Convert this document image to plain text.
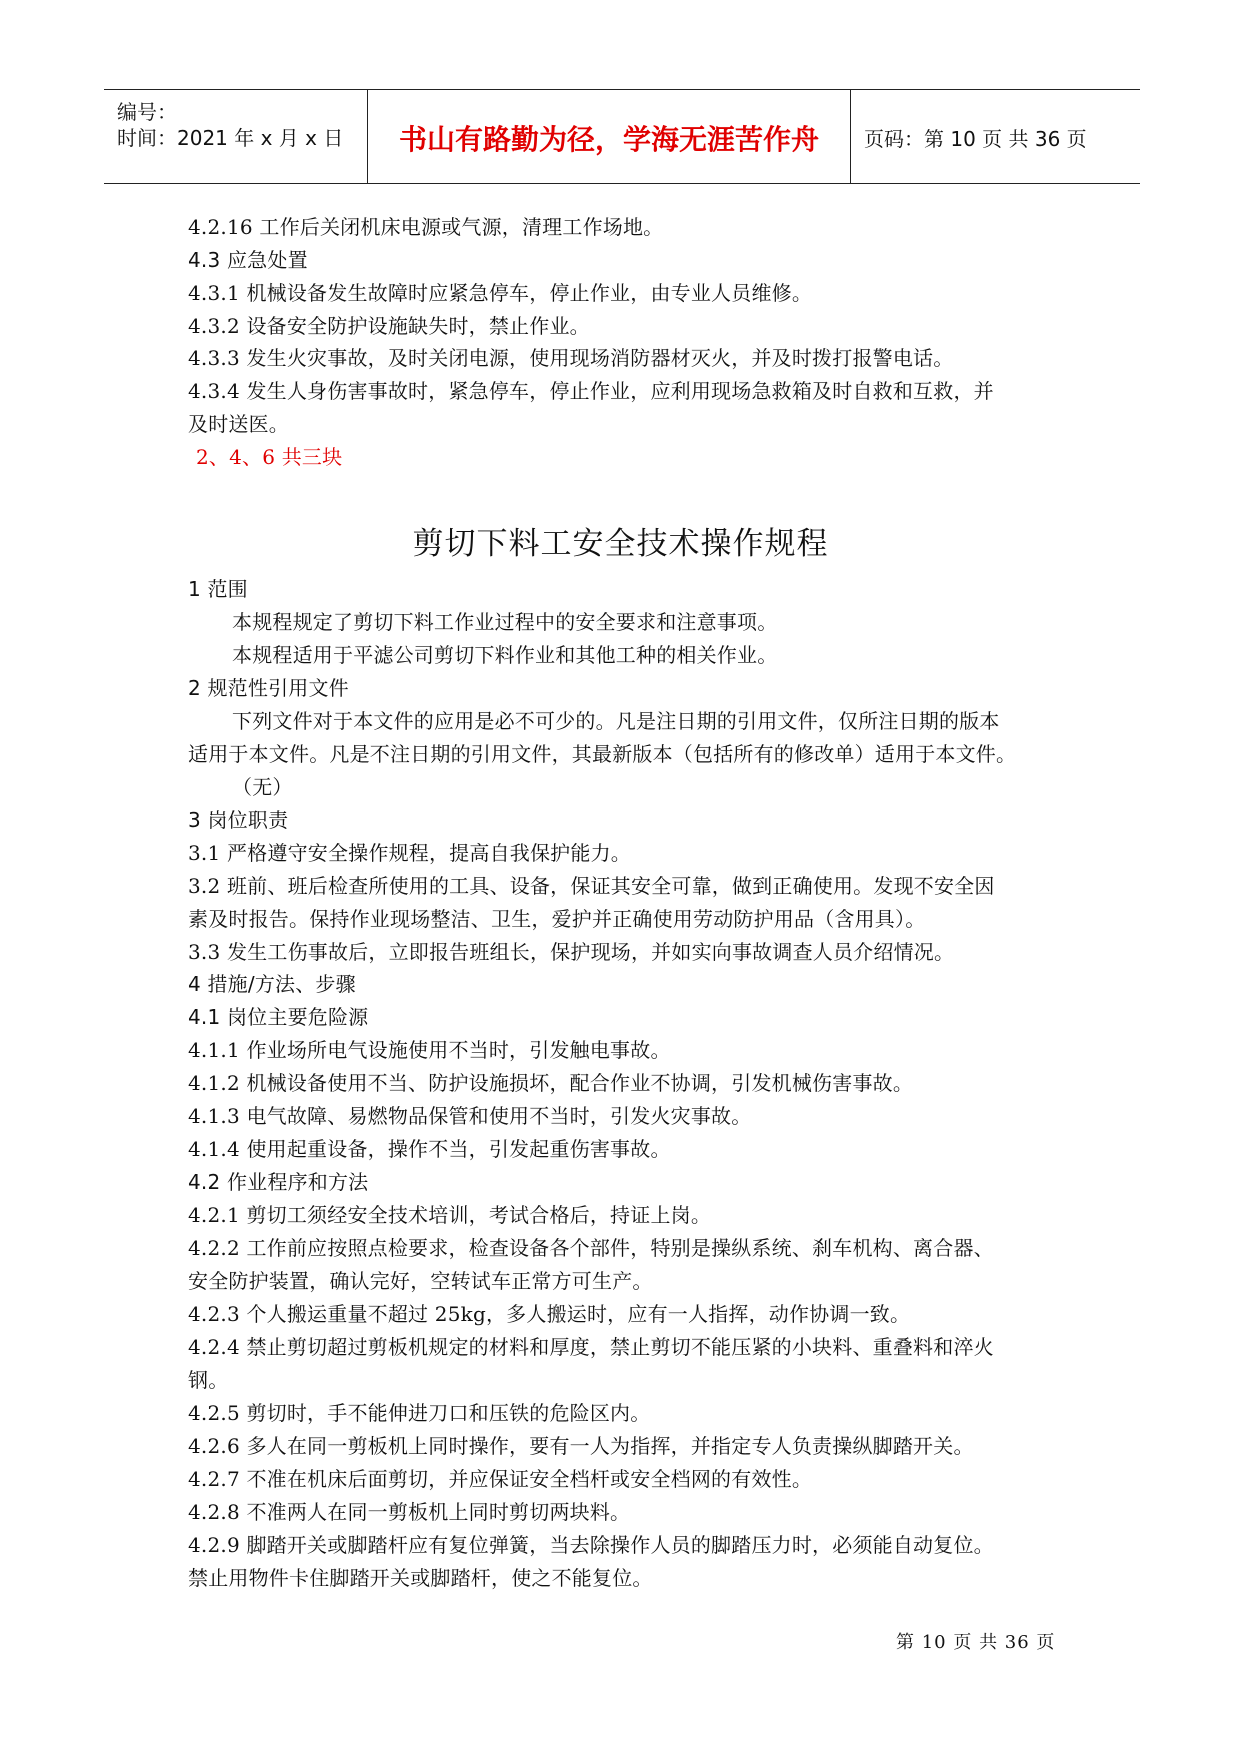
编号：
时间：2021 年 x 月 x 日	书山有路勤为径，学海无涯苦作舟	页码：第 10 页 共 36 页
4.2.16 工作后关闭机床电源或气源，清理工作场地。
4.3 应急处置
4.3.1 机械设备发生故障时应紧急停车，停止作业，由专业人员维修。
4.3.2 设备安全防护设施缺失时，禁止作业。
4.3.3 发生火灾事故，及时关闭电源，使用现场消防器材灭火，并及时拨打报警电话。
4.3.4 发生人身伤害事故时，紧急停车，停止作业，应利用现场急救箱及时自救和互救，并
及时送医。
2、4、6 共三块
剪切下料工安全技术操作规程
1 范围
本规程规定了剪切下料工作业过程中的安全要求和注意事项。
本规程适用于平滤公司剪切下料作业和其他工种的相关作业。
2 规范性引用文件
下列文件对于本文件的应用是必不可少的。凡是注日期的引用文件，仅所注日期的版本
适用于本文件。凡是不注日期的引用文件，其最新版本（包括所有的修改单）适用于本文件。
（无）
3 岗位职责
3.1 严格遵守安全操作规程，提高自我保护能力。
3.2 班前、班后检查所使用的工具、设备，保证其安全可靠，做到正确使用。发现不安全因
素及时报告。保持作业现场整洁、卫生，爱护并正确使用劳动防护用品（含用具）。
3.3 发生工伤事故后，立即报告班组长，保护现场，并如实向事故调查人员介绍情况。
4 措施/方法、步骤
4.1 岗位主要危险源
4.1.1 作业场所电气设施使用不当时，引发触电事故。
4.1.2 机械设备使用不当、防护设施损坏，配合作业不协调，引发机械伤害事故。
4.1.3 电气故障、易燃物品保管和使用不当时，引发火灾事故。
4.1.4 使用起重设备，操作不当，引发起重伤害事故。
4.2 作业程序和方法
4.2.1 剪切工须经安全技术培训，考试合格后，持证上岗。
4.2.2 工作前应按照点检要求，检查设备各个部件，特别是操纵系统、刹车机构、离合器、
安全防护装置，确认完好，空转试车正常方可生产。
4.2.3 个人搬运重量不超过 25kg，多人搬运时，应有一人指挥，动作协调一致。
4.2.4 禁止剪切超过剪板机规定的材料和厚度，禁止剪切不能压紧的小块料、重叠料和淬火
钢。
4.2.5 剪切时，手不能伸进刀口和压铁的危险区内。
4.2.6 多人在同一剪板机上同时操作，要有一人为指挥，并指定专人负责操纵脚踏开关。
4.2.7 不准在机床后面剪切，并应保证安全档杆或安全档网的有效性。
4.2.8 不准两人在同一剪板机上同时剪切两块料。
4.2.9 脚踏开关或脚踏杆应有复位弹簧，当去除操作人员的脚踏压力时，必须能自动复位。
禁止用物件卡住脚踏开关或脚踏杆，使之不能复位。
第 10 页 共 36 页
